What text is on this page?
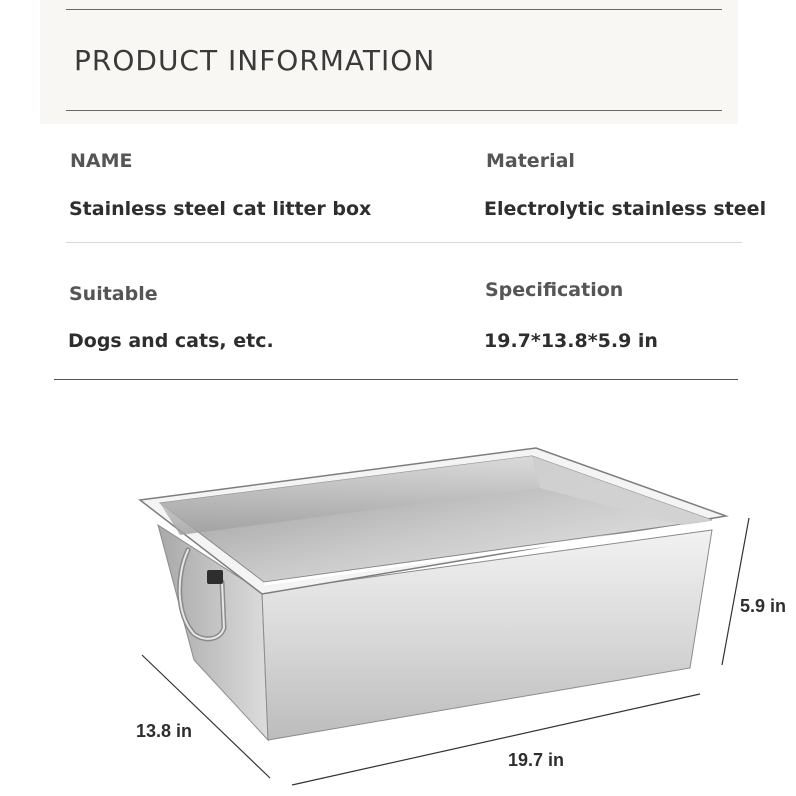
PRODUCT INFORMATION
NAME
Stainless steel cat litter box
Material
Electrolytic stainless steel
Suitable
Dogs and cats, etc.
Specification
19.7*13.8*5.9 in
5.9 in
13.8 in
19.7 in
